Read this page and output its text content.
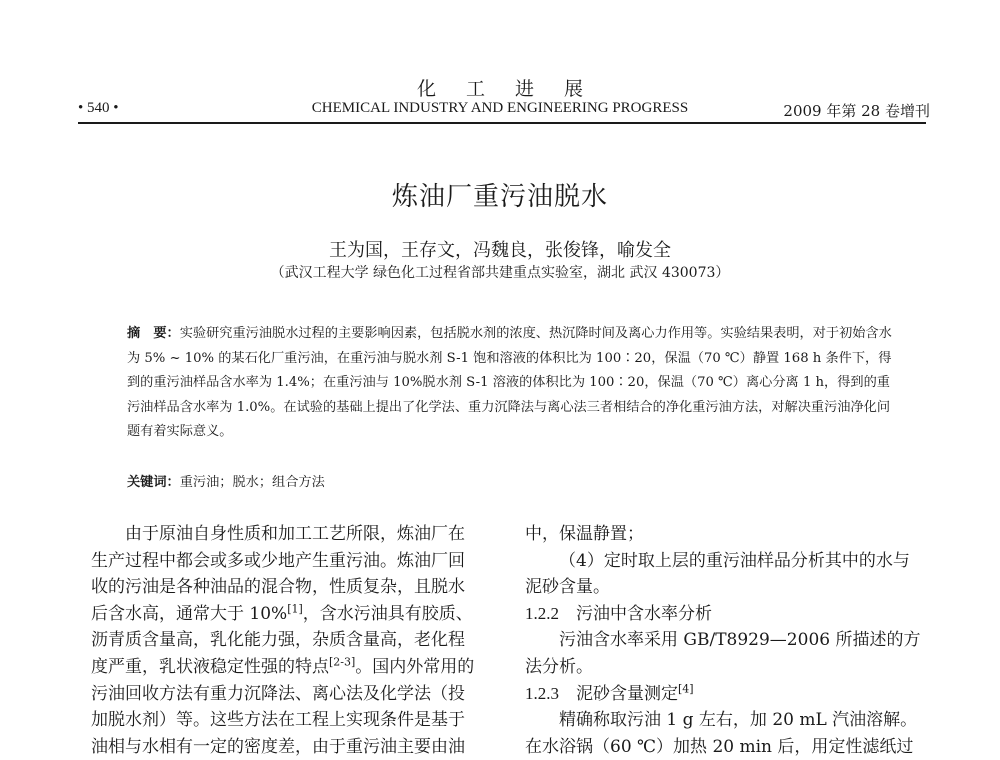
化工进展
• 540 •	CHEMICAL INDUSTRY AND ENGINEERING PROGRESS	2009 年第 28 卷增刊
炼油厂重污油脱水
王为国，王存文，冯魏良，张俊锋，喻发全
（武汉工程大学 绿色化工过程省部共建重点实验室，湖北 武汉 430073）
摘　要：实验研究重污油脱水过程的主要影响因素，包括脱水剂的浓度、热沉降时间及离心力作用等。实验结果表明，对于初始含水为 5% ~ 10% 的某石化厂重污油，在重污油与脱水剂 S-1 饱和溶液的体积比为 100∶20，保温（70 ℃）静置 168 h 条件下，得到的重污油样品含水率为 1.4%；在重污油与 10%脱水剂 S-1 溶液的体积比为 100∶20，保温（70 ℃）离心分离 1 h，得到的重污油样品含水率为 1.0%。在试验的基础上提出了化学法、重力沉降法与离心法三者相结合的净化重污油方法，对解决重污油净化问题有着实际意义。
关键词：重污油；脱水；组合方法
由于原油自身性质和加工工艺所限，炼油厂在
生产过程中都会或多或少地产生重污油。炼油厂回
收的污油是各种油品的混合物，性质复杂，且脱水
后含水高，通常大于 10%[1]，含水污油具有胶质、
沥青质含量高，乳化能力强，杂质含量高，老化程
度严重，乳状液稳定性强的特点[2-3]。国内外常用的
污油回收方法有重力沉降法、离心法及化学法（投
加脱水剂）等。这些方法在工程上实现条件是基于
油相与水相有一定的密度差，由于重污油主要由油
中，保温静置；
（4）定时取上层的重污油样品分析其中的水与
泥砂含量。
1.2.2　 污油中含水率分析
污油含水率采用 GB/T8929—2006 所描述的方
法分析。
1.2.3　 泥砂含量测定[4]
精确称取污油 1 g 左右，加 20 mL 汽油溶解。
在水浴锅（60 ℃）加热 20 min 后，用定性滤纸过
